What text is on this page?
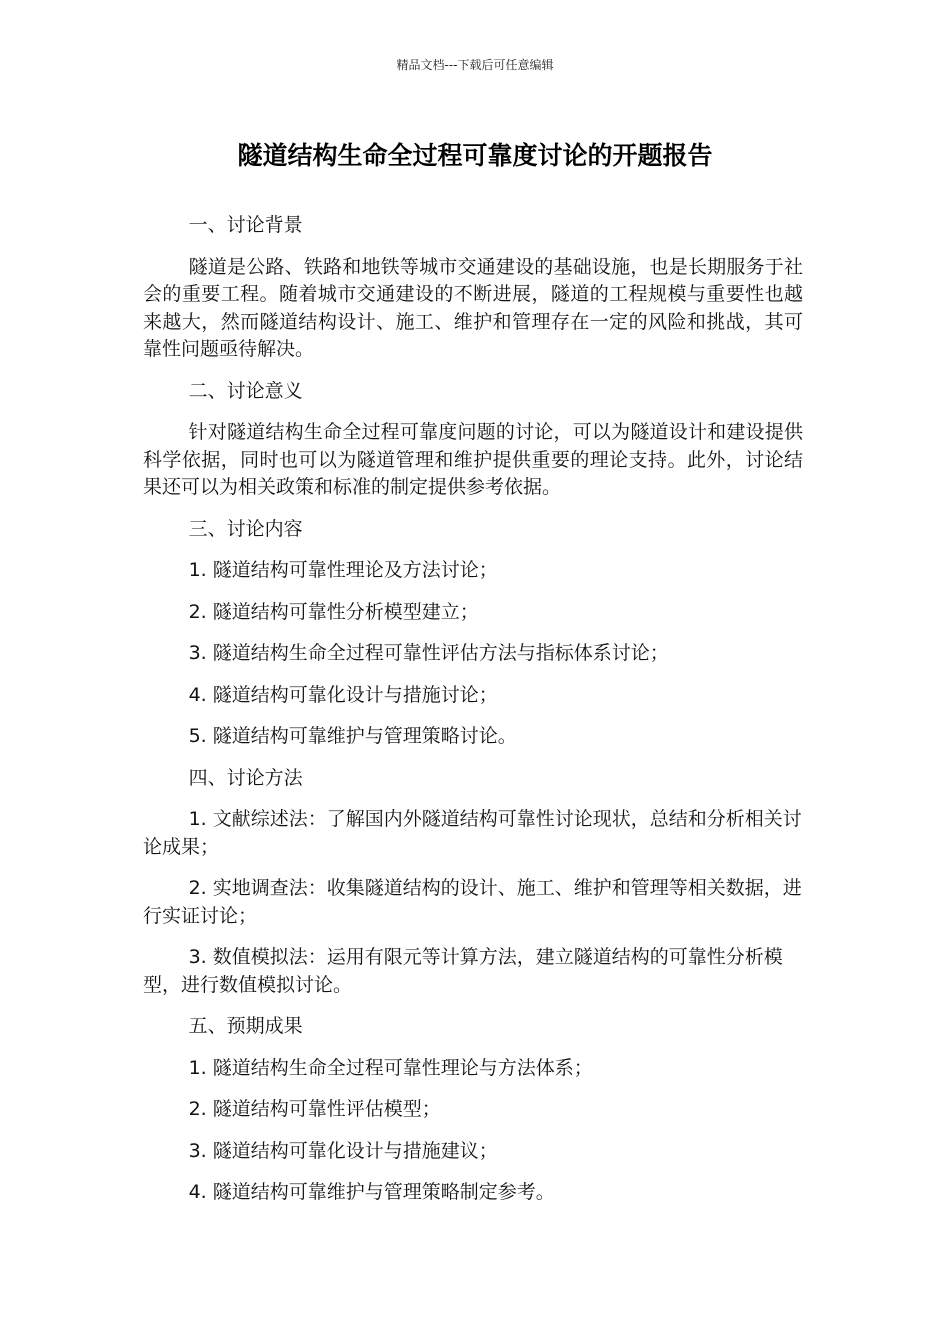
精品文档---下载后可任意编辑
隧道结构生命全过程可靠度讨论的开题报告

一、讨论背景

隧道是公路、铁路和地铁等城市交通建设的基础设施，也是长期服务于社会的重要工程。随着城市交通建设的不断进展，隧道的工程规模与重要性也越来越大，然而隧道结构设计、施工、维护和管理存在一定的风险和挑战，其可靠性问题亟待解决。

二、讨论意义

针对隧道结构生命全过程可靠度问题的讨论，可以为隧道设计和建设提供科学依据，同时也可以为隧道管理和维护提供重要的理论支持。此外，讨论结果还可以为相关政策和标准的制定提供参考依据。

三、讨论内容

1. 隧道结构可靠性理论及方法讨论；

2. 隧道结构可靠性分析模型建立；

3. 隧道结构生命全过程可靠性评估方法与指标体系讨论；

4. 隧道结构可靠化设计与措施讨论；

5. 隧道结构可靠维护与管理策略讨论。

四、讨论方法

1. 文献综述法：了解国内外隧道结构可靠性讨论现状，总结和分析相关讨论成果；

2. 实地调查法：收集隧道结构的设计、施工、维护和管理等相关数据，进行实证讨论；

3. 数值模拟法：运用有限元等计算方法，建立隧道结构的可靠性分析模型，进行数值模拟讨论。

五、预期成果

1. 隧道结构生命全过程可靠性理论与方法体系；

2. 隧道结构可靠性评估模型；

3. 隧道结构可靠化设计与措施建议；

4. 隧道结构可靠维护与管理策略制定参考。
